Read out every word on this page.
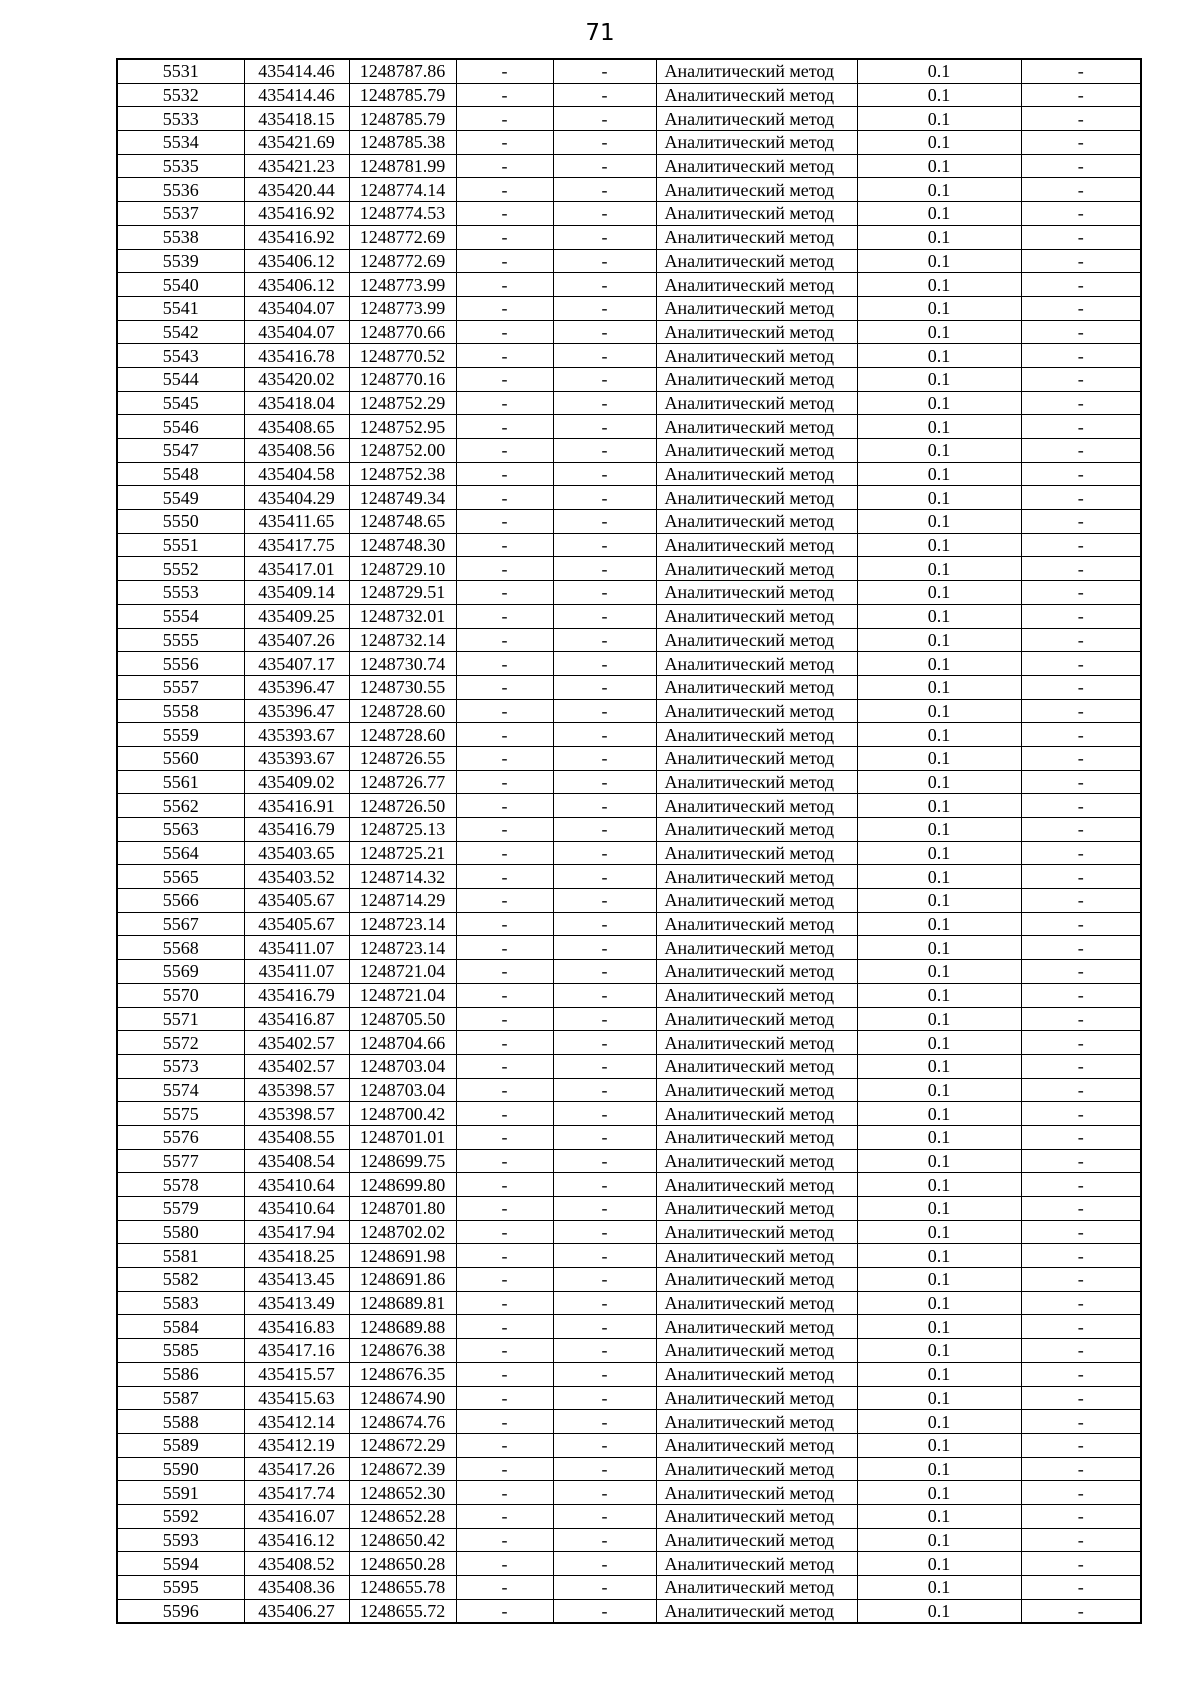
71
5531	435414.46	1248787.86	-	-	Аналитический метод	0.1	-
5532	435414.46	1248785.79	-	-	Аналитический метод	0.1	-
5533	435418.15	1248785.79	-	-	Аналитический метод	0.1	-
5534	435421.69	1248785.38	-	-	Аналитический метод	0.1	-
5535	435421.23	1248781.99	-	-	Аналитический метод	0.1	-
5536	435420.44	1248774.14	-	-	Аналитический метод	0.1	-
5537	435416.92	1248774.53	-	-	Аналитический метод	0.1	-
5538	435416.92	1248772.69	-	-	Аналитический метод	0.1	-
5539	435406.12	1248772.69	-	-	Аналитический метод	0.1	-
5540	435406.12	1248773.99	-	-	Аналитический метод	0.1	-
5541	435404.07	1248773.99	-	-	Аналитический метод	0.1	-
5542	435404.07	1248770.66	-	-	Аналитический метод	0.1	-
5543	435416.78	1248770.52	-	-	Аналитический метод	0.1	-
5544	435420.02	1248770.16	-	-	Аналитический метод	0.1	-
5545	435418.04	1248752.29	-	-	Аналитический метод	0.1	-
5546	435408.65	1248752.95	-	-	Аналитический метод	0.1	-
5547	435408.56	1248752.00	-	-	Аналитический метод	0.1	-
5548	435404.58	1248752.38	-	-	Аналитический метод	0.1	-
5549	435404.29	1248749.34	-	-	Аналитический метод	0.1	-
5550	435411.65	1248748.65	-	-	Аналитический метод	0.1	-
5551	435417.75	1248748.30	-	-	Аналитический метод	0.1	-
5552	435417.01	1248729.10	-	-	Аналитический метод	0.1	-
5553	435409.14	1248729.51	-	-	Аналитический метод	0.1	-
5554	435409.25	1248732.01	-	-	Аналитический метод	0.1	-
5555	435407.26	1248732.14	-	-	Аналитический метод	0.1	-
5556	435407.17	1248730.74	-	-	Аналитический метод	0.1	-
5557	435396.47	1248730.55	-	-	Аналитический метод	0.1	-
5558	435396.47	1248728.60	-	-	Аналитический метод	0.1	-
5559	435393.67	1248728.60	-	-	Аналитический метод	0.1	-
5560	435393.67	1248726.55	-	-	Аналитический метод	0.1	-
5561	435409.02	1248726.77	-	-	Аналитический метод	0.1	-
5562	435416.91	1248726.50	-	-	Аналитический метод	0.1	-
5563	435416.79	1248725.13	-	-	Аналитический метод	0.1	-
5564	435403.65	1248725.21	-	-	Аналитический метод	0.1	-
5565	435403.52	1248714.32	-	-	Аналитический метод	0.1	-
5566	435405.67	1248714.29	-	-	Аналитический метод	0.1	-
5567	435405.67	1248723.14	-	-	Аналитический метод	0.1	-
5568	435411.07	1248723.14	-	-	Аналитический метод	0.1	-
5569	435411.07	1248721.04	-	-	Аналитический метод	0.1	-
5570	435416.79	1248721.04	-	-	Аналитический метод	0.1	-
5571	435416.87	1248705.50	-	-	Аналитический метод	0.1	-
5572	435402.57	1248704.66	-	-	Аналитический метод	0.1	-
5573	435402.57	1248703.04	-	-	Аналитический метод	0.1	-
5574	435398.57	1248703.04	-	-	Аналитический метод	0.1	-
5575	435398.57	1248700.42	-	-	Аналитический метод	0.1	-
5576	435408.55	1248701.01	-	-	Аналитический метод	0.1	-
5577	435408.54	1248699.75	-	-	Аналитический метод	0.1	-
5578	435410.64	1248699.80	-	-	Аналитический метод	0.1	-
5579	435410.64	1248701.80	-	-	Аналитический метод	0.1	-
5580	435417.94	1248702.02	-	-	Аналитический метод	0.1	-
5581	435418.25	1248691.98	-	-	Аналитический метод	0.1	-
5582	435413.45	1248691.86	-	-	Аналитический метод	0.1	-
5583	435413.49	1248689.81	-	-	Аналитический метод	0.1	-
5584	435416.83	1248689.88	-	-	Аналитический метод	0.1	-
5585	435417.16	1248676.38	-	-	Аналитический метод	0.1	-
5586	435415.57	1248676.35	-	-	Аналитический метод	0.1	-
5587	435415.63	1248674.90	-	-	Аналитический метод	0.1	-
5588	435412.14	1248674.76	-	-	Аналитический метод	0.1	-
5589	435412.19	1248672.29	-	-	Аналитический метод	0.1	-
5590	435417.26	1248672.39	-	-	Аналитический метод	0.1	-
5591	435417.74	1248652.30	-	-	Аналитический метод	0.1	-
5592	435416.07	1248652.28	-	-	Аналитический метод	0.1	-
5593	435416.12	1248650.42	-	-	Аналитический метод	0.1	-
5594	435408.52	1248650.28	-	-	Аналитический метод	0.1	-
5595	435408.36	1248655.78	-	-	Аналитический метод	0.1	-
5596	435406.27	1248655.72	-	-	Аналитический метод	0.1	-
